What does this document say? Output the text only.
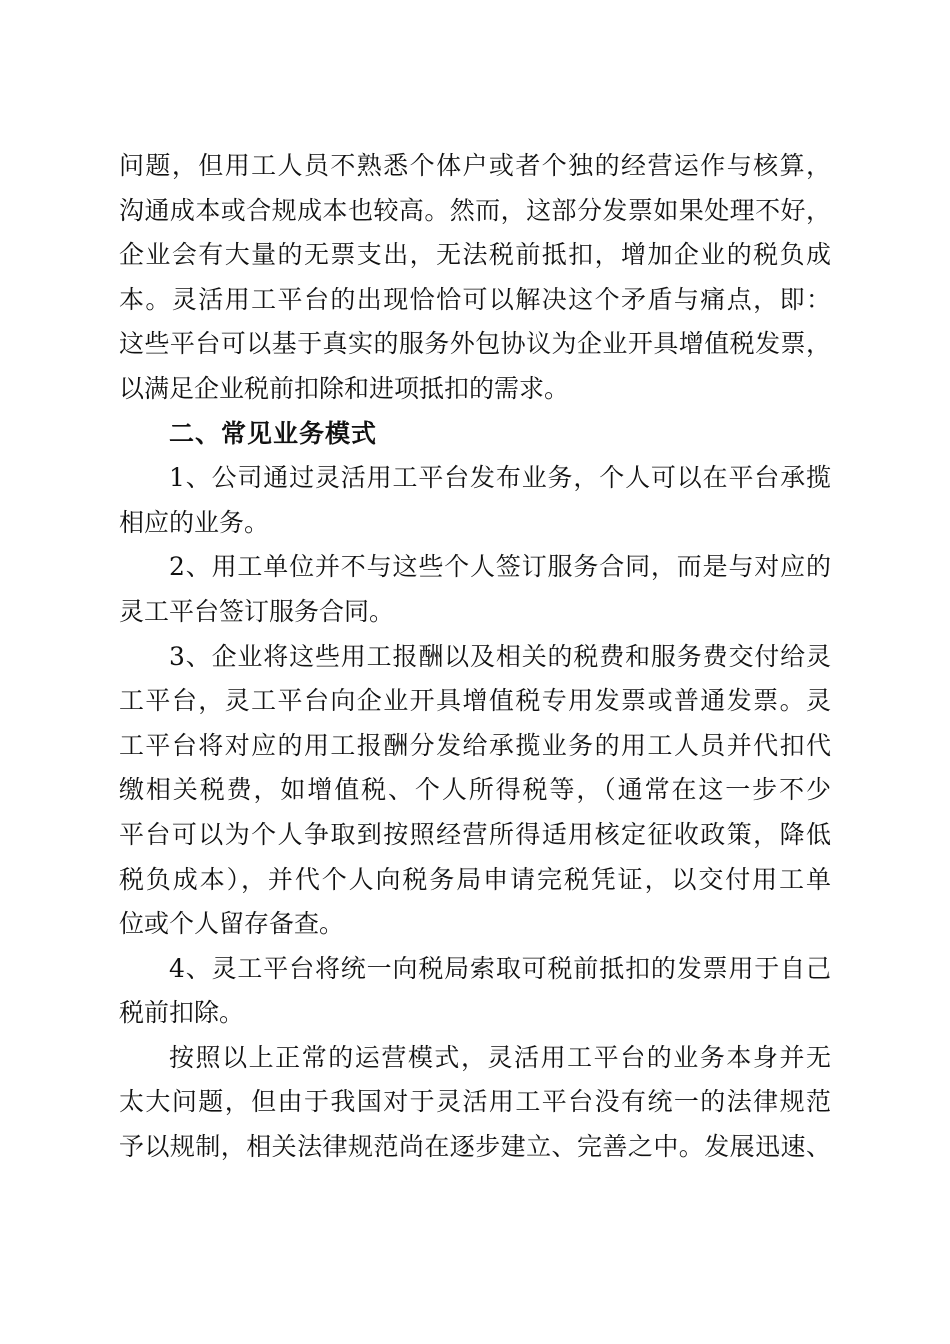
问题，但用工人员不熟悉个体户或者个独的经营运作与核算，
沟通成本或合规成本也较高。然而，这部分发票如果处理不好，
企业会有大量的无票支出，无法税前抵扣，增加企业的税负成
本。灵活用工平台的出现恰恰可以解决这个矛盾与痛点，即：
这些平台可以基于真实的服务外包协议为企业开具增值税发票，
以满足企业税前扣除和进项抵扣的需求。
二、常见业务模式
1、公司通过灵活用工平台发布业务，个人可以在平台承揽
相应的业务。
2、用工单位并不与这些个人签订服务合同，而是与对应的
灵工平台签订服务合同。
3、企业将这些用工报酬以及相关的税费和服务费交付给灵
工平台，灵工平台向企业开具增值税专用发票或普通发票。灵
工平台将对应的用工报酬分发给承揽业务的用工人员并代扣代
缴相关税费，如增值税、个人所得税等，（通常在这一步不少
平台可以为个人争取到按照经营所得适用核定征收政策，降低
税负成本），并代个人向税务局申请完税凭证，以交付用工单
位或个人留存备查。
4、灵工平台将统一向税局索取可税前抵扣的发票用于自己
税前扣除。
按照以上正常的运营模式，灵活用工平台的业务本身并无
太大问题，但由于我国对于灵活用工平台没有统一的法律规范
予以规制，相关法律规范尚在逐步建立、完善之中。发展迅速、
